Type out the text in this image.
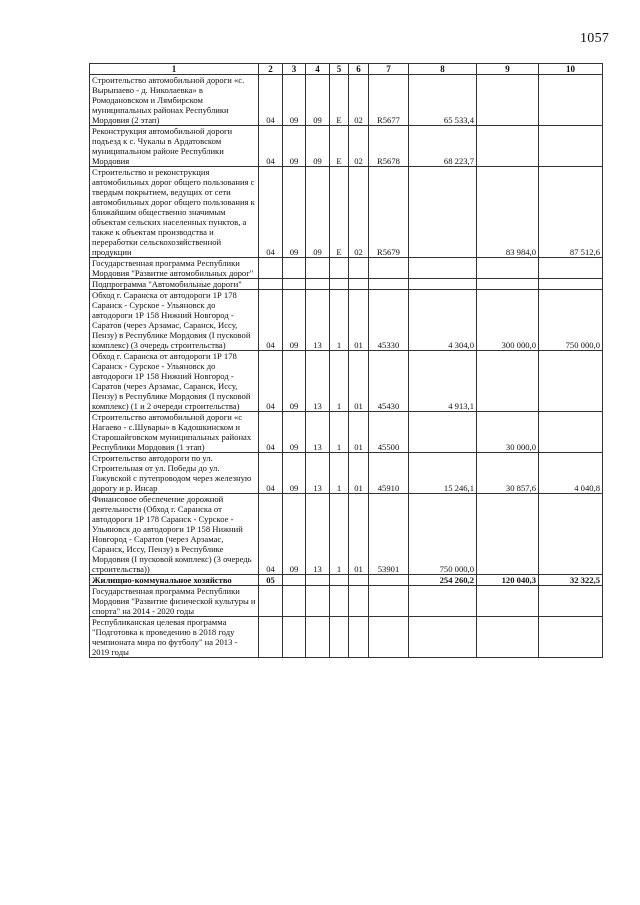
1057
1	2	3	4	5	6	7	8	9	10
Строительство автомобильной дороги «с. Вырыпаево - д. Николаевка» в Ромодановском и Лямбирском муниципальных районах Республики Мордовия (2 этап)	04	09	09	Е	02	R5677	65 533,4		
Реконструкция автомобильной дороги подъезд к с. Чукалы в Ардатовском муниципальном районе Республики Мордовия	04	09	09	Е	02	R5678	68 223,7		
Строительство и реконструкция автомобильных дорог общего пользования с твердым покрытием, ведущих от сети автомобильных дорог общего пользования к ближайшим общественно значимым объектам сельских населенных пунктов, а также к объектам производства и переработки сельскохозяйственной продукции	04	09	09	Е	02	R5679		83 984,0	87 512,6
Государственная программа Республики Мордовия "Развитие автомобильных дорог"									
Подпрограмма "Автомобильные дороги"									
Обход г. Саранска от автодороги 1Р 178 Саранск - Сурское - Ульяновск до автодороги 1Р 158 Нижний Новгород - Саратов (через Арзамас, Саранск, Иссу, Пензу) в Республике Мордовия (I пусковой комплекс) (3 очередь строительства)	04	09	13	1	01	45330	4 304,0	300 000,0	750 000,0
Обход г. Саранска от автодороги 1Р 178 Саранск - Сурское - Ульяновск до автодороги 1Р 158 Нижний Новгород - Саратов (через Арзамас, Саранск, Иссу, Пензу) в Республике Мордовия (I пусковой комплекс) (1 и 2 очереди строительства)	04	09	13	1	01	45430	4 913,1		
Строительство автомобильной дороги «с Нагаево - с.Шувары» в Кадошкинском и Старошайговском муниципальных районах Республики Мордовия (1 этап)	04	09	13	1	01	45500		30 000,0	
Строительство автодороги по ул. Строительная от ул. Победы до ул. Гожувской с путепроводом через железную дорогу и р. Инсар	04	09	13	1	01	45910	15 246,1	30 857,6	4 040,8
Финансовое обеспечение дорожной деятельности (Обход г. Саранска от автодороги 1Р 178 Саранск - Сурское - Ульяновск до автодороги 1Р 158 Нижний Новгород - Саратов (через Арзамас, Саранск, Иссу, Пензу) в Республике Мордовия (I пусковой комплекс) (3 очередь строительства))	04	09	13	1	01	53901	750 000,0		
Жилищно-коммунальное хозяйство	05						254 260,2	120 040,3	32 322,5
Государственная программа Республики Мордовия "Развитие физической культуры и спорта" на 2014 - 2020 годы									
Республиканская целевая программа "Подготовка к проведению в 2018 году чемпионата мира по футболу" на 2013 - 2019 годы									
